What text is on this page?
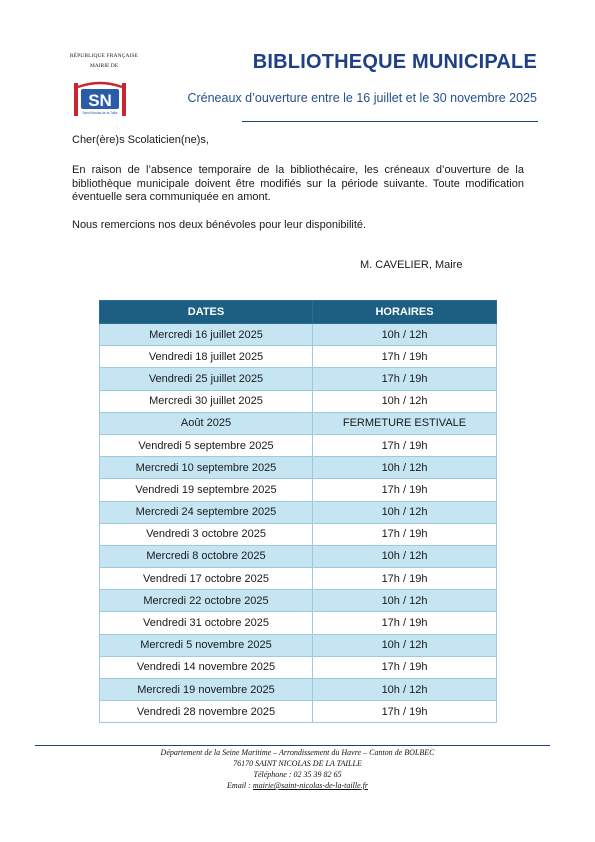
RÉPUBLIQUE FRANÇAISE
MAIRIE DE
SN
Saint-Nicolas-de-la-Taille
BIBLIOTHEQUE MUNICIPALE
Créneaux d’ouverture entre le 16 juillet et le 30 novembre 2025
Cher(ère)s Scolaticien(ne)s,
En raison de l’absence temporaire de la bibliothécaire, les créneaux d’ouverture de la bibliothèque municipale doivent être modifiés sur la période suivante. Toute modification éventuelle sera communiquée en amont.
Nous remercions nos deux bénévoles pour leur disponibilité.
M. CAVELIER, Maire
DATES	HORAIRES
Mercredi 16 juillet 2025	10h / 12h
Vendredi 18 juillet 2025	17h / 19h
Vendredi 25 juillet 2025	17h / 19h
Mercredi 30 juillet 2025	10h / 12h
Août 2025	FERMETURE ESTIVALE
Vendredi 5 septembre 2025	17h / 19h
Mercredi 10 septembre 2025	10h / 12h
Vendredi 19 septembre 2025	17h / 19h
Mercredi 24 septembre 2025	10h / 12h
Vendredi 3 octobre 2025	17h / 19h
Mercredi 8 octobre 2025	10h / 12h
Vendredi 17 octobre 2025	17h / 19h
Mercredi 22 octobre 2025	10h / 12h
Vendredi 31 octobre 2025	17h / 19h
Mercredi 5 novembre 2025	10h / 12h
Vendredi 14 novembre 2025	17h / 19h
Mercredi 19 novembre 2025	10h / 12h
Vendredi 28 novembre 2025	17h / 19h
Département de la Seine Maritime – Arrondissement du Havre – Canton de BOLBEC
76170 SAINT NICOLAS DE LA TAILLE
Téléphone : 02 35 39 82 65
Email : mairie@saint-nicolas-de-la-taille.fr
